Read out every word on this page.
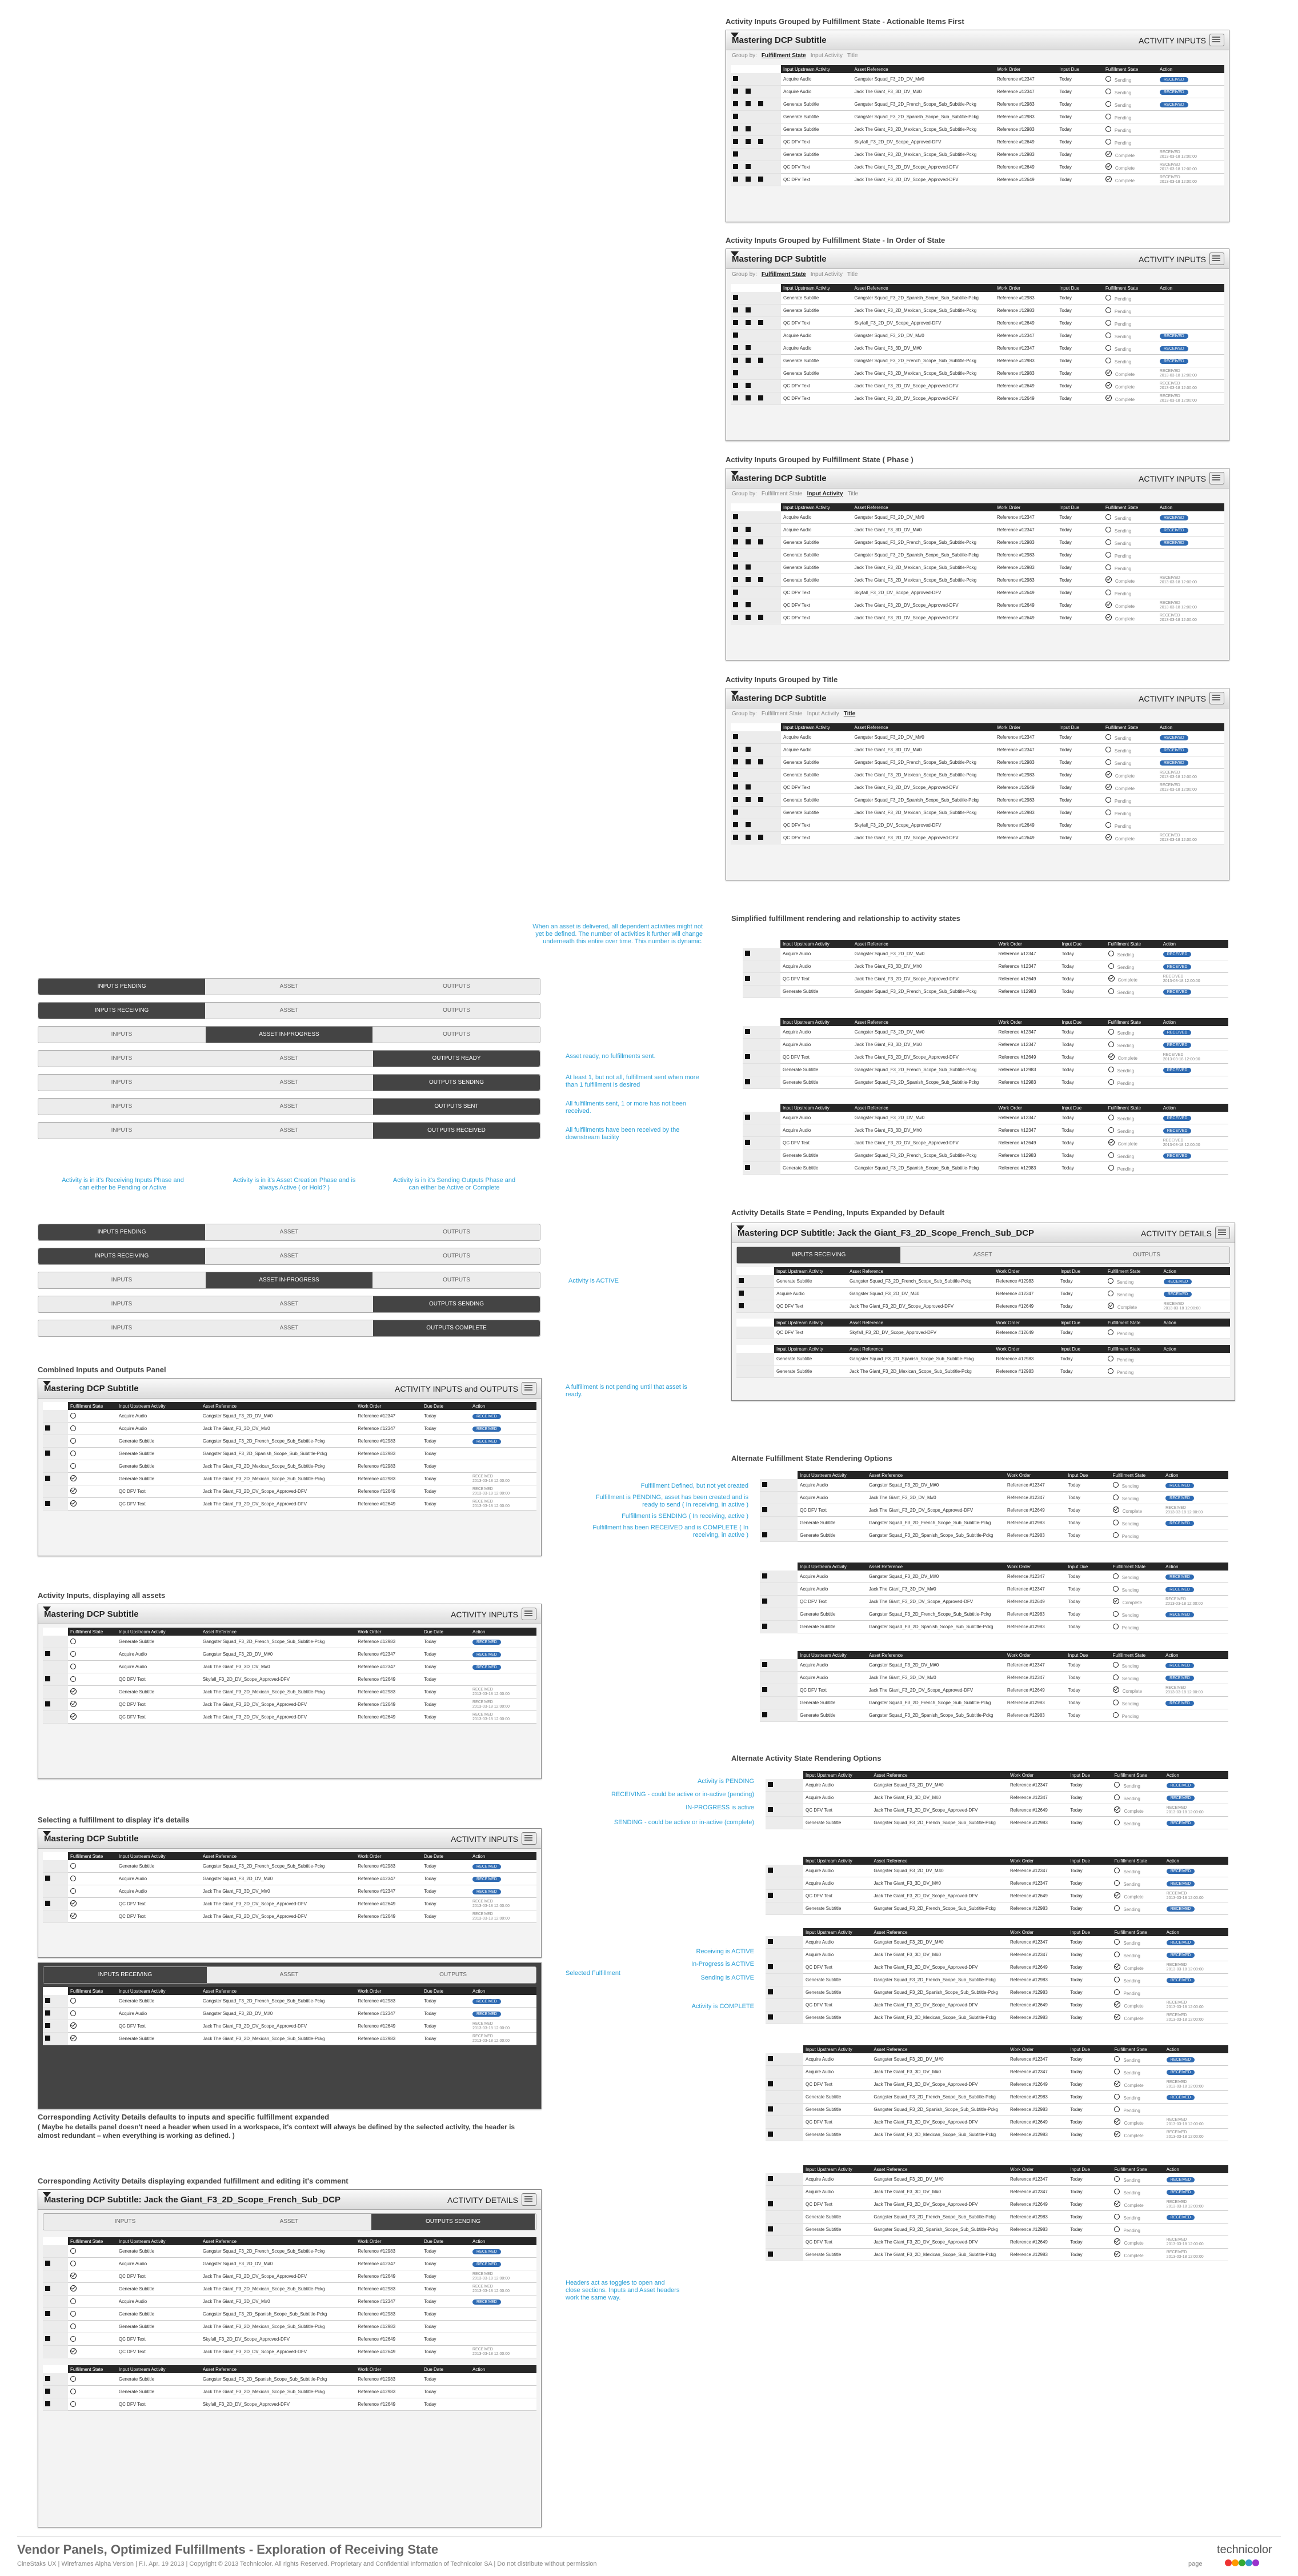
Activity Inputs Grouped by Fulfillment State - Actionable Items First
Mastering DCP Subtitle	ACTIVITY INPUTS
Group by: Fulfillment State Input Activity Title
				Input Upstream Activity	Asset Reference	Work Order	Input Due	Fulfillment State	Action
				Acquire Audio	Gangster Squad_F3_2D_DV_M#0	Reference #12347	Today	Sending	RECEIVED
				Acquire Audio	Jack The Giant_F3_3D_DV_M#0	Reference #12347	Today	Sending	RECEIVED
				Generate Subtitle	Gangster Squad_F3_2D_French_Scope_Sub_Subtitle-Pckg	Reference #12983	Today	Sending	RECEIVED
				Generate Subtitle	Gangster Squad_F3_2D_Spanish_Scope_Sub_Subtitle-Pckg	Reference #12983	Today	Pending	
				Generate Subtitle	Jack The Giant_F3_2D_Mexican_Scope_Sub_Subtitle-Pckg	Reference #12983	Today	Pending	
				QC DFV Text	Skyfall_F3_2D_DV_Scope_Approved-DFV	Reference #12649	Today	Pending	
				Generate Subtitle	Jack The Giant_F3_2D_Mexican_Scope_Sub_Subtitle-Pckg	Reference #12983	Today	Complete	RECEIVED
2013-03-18 12:00:00

				QC DFV Text	Jack The Giant_F3_2D_DV_Scope_Approved-DFV	Reference #12649	Today	Complete	RECEIVED
2013-03-18 12:00:00

				QC DFV Text	Jack The Giant_F3_2D_DV_Scope_Approved-DFV	Reference #12649	Today	Complete	RECEIVED
2013-03-18 12:00:00
Activity Inputs Grouped by Fulfillment State - In Order of State
Mastering DCP Subtitle	ACTIVITY INPUTS
Group by: Fulfillment State Input Activity Title
				Input Upstream Activity	Asset Reference	Work Order	Input Due	Fulfillment State	Action
				Generate Subtitle	Gangster Squad_F3_2D_Spanish_Scope_Sub_Subtitle-Pckg	Reference #12983	Today	Pending	
				Generate Subtitle	Jack The Giant_F3_2D_Mexican_Scope_Sub_Subtitle-Pckg	Reference #12983	Today	Pending	
				QC DFV Text	Skyfall_F3_2D_DV_Scope_Approved-DFV	Reference #12649	Today	Pending	
				Acquire Audio	Gangster Squad_F3_2D_DV_M#0	Reference #12347	Today	Sending	RECEIVED
				Acquire Audio	Jack The Giant_F3_3D_DV_M#0	Reference #12347	Today	Sending	RECEIVED
				Generate Subtitle	Gangster Squad_F3_2D_French_Scope_Sub_Subtitle-Pckg	Reference #12983	Today	Sending	RECEIVED
				Generate Subtitle	Jack The Giant_F3_2D_Mexican_Scope_Sub_Subtitle-Pckg	Reference #12983	Today	Complete	RECEIVED
2013-03-18 12:00:00

				QC DFV Text	Jack The Giant_F3_2D_DV_Scope_Approved-DFV	Reference #12649	Today	Complete	RECEIVED
2013-03-18 12:00:00

				QC DFV Text	Jack The Giant_F3_2D_DV_Scope_Approved-DFV	Reference #12649	Today	Complete	RECEIVED
2013-03-18 12:00:00
Activity Inputs Grouped by Fulfillment State ( Phase )
Mastering DCP Subtitle	ACTIVITY INPUTS
Group by: Fulfillment State Input Activity Title
				Input Upstream Activity	Asset Reference	Work Order	Input Due	Fulfillment State	Action
				Acquire Audio	Gangster Squad_F3_2D_DV_M#0	Reference #12347	Today	Sending	RECEIVED
				Acquire Audio	Jack The Giant_F3_3D_DV_M#0	Reference #12347	Today	Sending	RECEIVED
				Generate Subtitle	Gangster Squad_F3_2D_French_Scope_Sub_Subtitle-Pckg	Reference #12983	Today	Sending	RECEIVED
				Generate Subtitle	Gangster Squad_F3_2D_Spanish_Scope_Sub_Subtitle-Pckg	Reference #12983	Today	Pending	
				Generate Subtitle	Jack The Giant_F3_2D_Mexican_Scope_Sub_Subtitle-Pckg	Reference #12983	Today	Pending	
				Generate Subtitle	Jack The Giant_F3_2D_Mexican_Scope_Sub_Subtitle-Pckg	Reference #12983	Today	Complete	RECEIVED
2013-03-18 12:00:00

				QC DFV Text	Skyfall_F3_2D_DV_Scope_Approved-DFV	Reference #12649	Today	Pending	
				QC DFV Text	Jack The Giant_F3_2D_DV_Scope_Approved-DFV	Reference #12649	Today	Complete	RECEIVED
2013-03-18 12:00:00

				QC DFV Text	Jack The Giant_F3_2D_DV_Scope_Approved-DFV	Reference #12649	Today	Complete	RECEIVED
2013-03-18 12:00:00
Activity Inputs Grouped by Title
Mastering DCP Subtitle	ACTIVITY INPUTS
Group by: Fulfillment State Input Activity Title
				Input Upstream Activity	Asset Reference	Work Order	Input Due	Fulfillment State	Action
				Acquire Audio	Gangster Squad_F3_2D_DV_M#0	Reference #12347	Today	Sending	RECEIVED
				Acquire Audio	Jack The Giant_F3_3D_DV_M#0	Reference #12347	Today	Sending	RECEIVED
				Generate Subtitle	Gangster Squad_F3_2D_French_Scope_Sub_Subtitle-Pckg	Reference #12983	Today	Sending	RECEIVED
				Generate Subtitle	Jack The Giant_F3_2D_Mexican_Scope_Sub_Subtitle-Pckg	Reference #12983	Today	Complete	RECEIVED
2013-03-18 12:00:00

				QC DFV Text	Jack The Giant_F3_2D_DV_Scope_Approved-DFV	Reference #12649	Today	Complete	RECEIVED
2013-03-18 12:00:00

				Generate Subtitle	Gangster Squad_F3_2D_Spanish_Scope_Sub_Subtitle-Pckg	Reference #12983	Today	Pending	
				Generate Subtitle	Jack The Giant_F3_2D_Mexican_Scope_Sub_Subtitle-Pckg	Reference #12983	Today	Pending	
				QC DFV Text	Skyfall_F3_2D_DV_Scope_Approved-DFV	Reference #12649	Today	Pending	
				QC DFV Text	Jack The Giant_F3_2D_DV_Scope_Approved-DFV	Reference #12649	Today	Complete	RECEIVED
2013-03-18 12:00:00
Simplified fulfillment rendering and relationship to activity states
			Input Upstream Activity	Asset Reference	Work Order	Input Due	Fulfillment State	Action
			Acquire Audio	Gangster Squad_F3_2D_DV_M#0	Reference #12347	Today	Sending	RECEIVED
			Acquire Audio	Jack The Giant_F3_3D_DV_M#0	Reference #12347	Today	Sending	RECEIVED
			QC DFV Text	Jack The Giant_F3_2D_DV_Scope_Approved-DFV	Reference #12649	Today	Complete	RECEIVED
2013-03-18 12:00:00

			Generate Subtitle	Gangster Squad_F3_2D_French_Scope_Sub_Subtitle-Pckg	Reference #12983	Today	Sending	RECEIVED
			Input Upstream Activity	Asset Reference	Work Order	Input Due	Fulfillment State	Action
			Acquire Audio	Gangster Squad_F3_2D_DV_M#0	Reference #12347	Today	Sending	RECEIVED
			Acquire Audio	Jack The Giant_F3_3D_DV_M#0	Reference #12347	Today	Sending	RECEIVED
			QC DFV Text	Jack The Giant_F3_2D_DV_Scope_Approved-DFV	Reference #12649	Today	Complete	RECEIVED
2013-03-18 12:00:00

			Generate Subtitle	Gangster Squad_F3_2D_French_Scope_Sub_Subtitle-Pckg	Reference #12983	Today	Sending	RECEIVED
			Generate Subtitle	Gangster Squad_F3_2D_Spanish_Scope_Sub_Subtitle-Pckg	Reference #12983	Today	Pending	
			Input Upstream Activity	Asset Reference	Work Order	Input Due	Fulfillment State	Action
			Acquire Audio	Gangster Squad_F3_2D_DV_M#0	Reference #12347	Today	Sending	RECEIVED
			Acquire Audio	Jack The Giant_F3_3D_DV_M#0	Reference #12347	Today	Sending	RECEIVED
			QC DFV Text	Jack The Giant_F3_2D_DV_Scope_Approved-DFV	Reference #12649	Today	Complete	RECEIVED
2013-03-18 12:00:00

			Generate Subtitle	Gangster Squad_F3_2D_French_Scope_Sub_Subtitle-Pckg	Reference #12983	Today	Sending	RECEIVED
			Generate Subtitle	Gangster Squad_F3_2D_Spanish_Scope_Sub_Subtitle-Pckg	Reference #12983	Today	Pending	
When an asset is delivered, all dependent activities might not yet be defined. The number of activities it further will change underneath this entire over time. This number is dynamic.
Asset ready, no fulfillments sent.
At least 1, but not all, fulfillment sent when more than 1 fulfillment is desired
All fulfillments sent, 1 or more has not been received.
All fulfillments have been received by the downstream facility
INPUTS PENDING	ASSET	OUTPUTS
INPUTS RECEIVING	ASSET	OUTPUTS
INPUTS	ASSET IN-PROGRESS	OUTPUTS
INPUTS	ASSET	OUTPUTS READY
INPUTS	ASSET	OUTPUTS SENDING
INPUTS	ASSET	OUTPUTS SENT
INPUTS	ASSET	OUTPUTS RECEIVED
INPUTS PENDING	ASSET	OUTPUTS
INPUTS RECEIVING	ASSET	OUTPUTS
INPUTS	ASSET IN-PROGRESS	OUTPUTS
INPUTS	ASSET	OUTPUTS SENDING
INPUTS	ASSET	OUTPUTS COMPLETE
Activity is in it's Receiving Inputs Phase and can either be Pending or Active
Activity is in it's Asset Creation Phase and is always Active ( or Hold? )
Activity is in it's Sending Outputs Phase and can either be Active or Complete
Activity is ACTIVE
A fulfillment is not pending until that asset is ready.
Activity Details State = Pending, Inputs Expanded by Default
Mastering DCP Subtitle: Jack the Giant_F3_2D_Scope_French_Sub_DCP	ACTIVITY DETAILS
INPUTS RECEIVING	ASSET	OUTPUTS
			Input Upstream Activity	Asset Reference	Work Order	Input Due	Fulfillment State	Action
			Generate Subtitle	Gangster Squad_F3_2D_French_Scope_Sub_Subtitle-Pckg	Reference #12983	Today	Sending	RECEIVED
			Acquire Audio	Gangster Squad_F3_2D_DV_M#0	Reference #12347	Today	Sending	RECEIVED
			QC DFV Text	Jack The Giant_F3_2D_DV_Scope_Approved-DFV	Reference #12649	Today	Complete	RECEIVED
2013-03-18 12:00:00
			Input Upstream Activity	Asset Reference	Work Order	Input Due	Fulfillment State	Action
			QC DFV Text	Skyfall_F3_2D_DV_Scope_Approved-DFV	Reference #12649	Today	Pending	
			Input Upstream Activity	Asset Reference	Work Order	Input Due	Fulfillment State	Action
			Generate Subtitle	Gangster Squad_F3_2D_Spanish_Scope_Sub_Subtitle-Pckg	Reference #12983	Today	Pending	
			Generate Subtitle	Jack The Giant_F3_2D_Mexican_Scope_Sub_Subtitle-Pckg	Reference #12983	Today	Pending	
Alternate Fulfillment State Rendering Options
			Input Upstream Activity	Asset Reference	Work Order	Input Due	Fulfillment State	Action
			Acquire Audio	Gangster Squad_F3_2D_DV_M#0	Reference #12347	Today	Sending	RECEIVED
			Acquire Audio	Jack The Giant_F3_3D_DV_M#0	Reference #12347	Today	Sending	RECEIVED
			QC DFV Text	Jack The Giant_F3_2D_DV_Scope_Approved-DFV	Reference #12649	Today	Complete	RECEIVED
2013-03-18 12:00:00

			Generate Subtitle	Gangster Squad_F3_2D_French_Scope_Sub_Subtitle-Pckg	Reference #12983	Today	Sending	RECEIVED
			Generate Subtitle	Gangster Squad_F3_2D_Spanish_Scope_Sub_Subtitle-Pckg	Reference #12983	Today	Pending	
			Input Upstream Activity	Asset Reference	Work Order	Input Due	Fulfillment State	Action
			Acquire Audio	Gangster Squad_F3_2D_DV_M#0	Reference #12347	Today	Sending	RECEIVED
			Acquire Audio	Jack The Giant_F3_3D_DV_M#0	Reference #12347	Today	Sending	RECEIVED
			QC DFV Text	Jack The Giant_F3_2D_DV_Scope_Approved-DFV	Reference #12649	Today	Complete	RECEIVED
2013-03-18 12:00:00

			Generate Subtitle	Gangster Squad_F3_2D_French_Scope_Sub_Subtitle-Pckg	Reference #12983	Today	Sending	RECEIVED
			Generate Subtitle	Gangster Squad_F3_2D_Spanish_Scope_Sub_Subtitle-Pckg	Reference #12983	Today	Pending	
			Input Upstream Activity	Asset Reference	Work Order	Input Due	Fulfillment State	Action
			Acquire Audio	Gangster Squad_F3_2D_DV_M#0	Reference #12347	Today	Sending	RECEIVED
			Acquire Audio	Jack The Giant_F3_3D_DV_M#0	Reference #12347	Today	Sending	RECEIVED
			QC DFV Text	Jack The Giant_F3_2D_DV_Scope_Approved-DFV	Reference #12649	Today	Complete	RECEIVED
2013-03-18 12:00:00

			Generate Subtitle	Gangster Squad_F3_2D_French_Scope_Sub_Subtitle-Pckg	Reference #12983	Today	Sending	RECEIVED
			Generate Subtitle	Gangster Squad_F3_2D_Spanish_Scope_Sub_Subtitle-Pckg	Reference #12983	Today	Pending	
Fulfillment Defined, but not yet created
Fulfillment is PENDING, asset has been created and is ready to send ( In receiving, in active )
Fulfillment is SENDING ( In receiving, active )
Fulfillment has been RECEIVED and is COMPLETE ( In receiving, in active )
Alternate Activity State Rendering Options
			Input Upstream Activity	Asset Reference	Work Order	Input Due	Fulfillment State	Action
			Acquire Audio	Gangster Squad_F3_2D_DV_M#0	Reference #12347	Today	Sending	RECEIVED
			Acquire Audio	Jack The Giant_F3_3D_DV_M#0	Reference #12347	Today	Sending	RECEIVED
			QC DFV Text	Jack The Giant_F3_2D_DV_Scope_Approved-DFV	Reference #12649	Today	Complete	RECEIVED
2013-03-18 12:00:00

			Generate Subtitle	Gangster Squad_F3_2D_French_Scope_Sub_Subtitle-Pckg	Reference #12983	Today	Sending	RECEIVED
			Input Upstream Activity	Asset Reference	Work Order	Input Due	Fulfillment State	Action
			Acquire Audio	Gangster Squad_F3_2D_DV_M#0	Reference #12347	Today	Sending	RECEIVED
			Acquire Audio	Jack The Giant_F3_3D_DV_M#0	Reference #12347	Today	Sending	RECEIVED
			QC DFV Text	Jack The Giant_F3_2D_DV_Scope_Approved-DFV	Reference #12649	Today	Complete	RECEIVED
2013-03-18 12:00:00

			Generate Subtitle	Gangster Squad_F3_2D_French_Scope_Sub_Subtitle-Pckg	Reference #12983	Today	Sending	RECEIVED
			Input Upstream Activity	Asset Reference	Work Order	Input Due	Fulfillment State	Action
			Acquire Audio	Gangster Squad_F3_2D_DV_M#0	Reference #12347	Today	Sending	RECEIVED
			Acquire Audio	Jack The Giant_F3_3D_DV_M#0	Reference #12347	Today	Sending	RECEIVED
			QC DFV Text	Jack The Giant_F3_2D_DV_Scope_Approved-DFV	Reference #12649	Today	Complete	RECEIVED
2013-03-18 12:00:00

			Generate Subtitle	Gangster Squad_F3_2D_French_Scope_Sub_Subtitle-Pckg	Reference #12983	Today	Sending	RECEIVED
			Generate Subtitle	Gangster Squad_F3_2D_Spanish_Scope_Sub_Subtitle-Pckg	Reference #12983	Today	Pending	
			QC DFV Text	Jack The Giant_F3_2D_DV_Scope_Approved-DFV	Reference #12649	Today	Complete	RECEIVED
2013-03-18 12:00:00

			Generate Subtitle	Jack The Giant_F3_2D_Mexican_Scope_Sub_Subtitle-Pckg	Reference #12983	Today	Complete	RECEIVED
2013-03-18 12:00:00
			Input Upstream Activity	Asset Reference	Work Order	Input Due	Fulfillment State	Action
			Acquire Audio	Gangster Squad_F3_2D_DV_M#0	Reference #12347	Today	Sending	RECEIVED
			Acquire Audio	Jack The Giant_F3_3D_DV_M#0	Reference #12347	Today	Sending	RECEIVED
			QC DFV Text	Jack The Giant_F3_2D_DV_Scope_Approved-DFV	Reference #12649	Today	Complete	RECEIVED
2013-03-18 12:00:00

			Generate Subtitle	Gangster Squad_F3_2D_French_Scope_Sub_Subtitle-Pckg	Reference #12983	Today	Sending	RECEIVED
			Generate Subtitle	Gangster Squad_F3_2D_Spanish_Scope_Sub_Subtitle-Pckg	Reference #12983	Today	Pending	
			QC DFV Text	Jack The Giant_F3_2D_DV_Scope_Approved-DFV	Reference #12649	Today	Complete	RECEIVED
2013-03-18 12:00:00

			Generate Subtitle	Jack The Giant_F3_2D_Mexican_Scope_Sub_Subtitle-Pckg	Reference #12983	Today	Complete	RECEIVED
2013-03-18 12:00:00
			Input Upstream Activity	Asset Reference	Work Order	Input Due	Fulfillment State	Action
			Acquire Audio	Gangster Squad_F3_2D_DV_M#0	Reference #12347	Today	Sending	RECEIVED
			Acquire Audio	Jack The Giant_F3_3D_DV_M#0	Reference #12347	Today	Sending	RECEIVED
			QC DFV Text	Jack The Giant_F3_2D_DV_Scope_Approved-DFV	Reference #12649	Today	Complete	RECEIVED
2013-03-18 12:00:00

			Generate Subtitle	Gangster Squad_F3_2D_French_Scope_Sub_Subtitle-Pckg	Reference #12983	Today	Sending	RECEIVED
			Generate Subtitle	Gangster Squad_F3_2D_Spanish_Scope_Sub_Subtitle-Pckg	Reference #12983	Today	Pending	
			QC DFV Text	Jack The Giant_F3_2D_DV_Scope_Approved-DFV	Reference #12649	Today	Complete	RECEIVED
2013-03-18 12:00:00

			Generate Subtitle	Jack The Giant_F3_2D_Mexican_Scope_Sub_Subtitle-Pckg	Reference #12983	Today	Complete	RECEIVED
2013-03-18 12:00:00
Activity is PENDING
RECEIVING - could be active or in-active (pending)
IN-PROGRESS is active
SENDING - could be active or in-active (complete)
Receiving is ACTIVE
In-Progress is ACTIVE
Sending is ACTIVE
Activity is COMPLETE
Combined Inputs and Outputs Panel
Mastering DCP Subtitle	ACTIVITY INPUTS and OUTPUTS
		Fulfillment State	Input Upstream Activity	Asset Reference	Work Order	Due Date	Action
			Acquire Audio	Gangster Squad_F3_2D_DV_M#0	Reference #12347	Today	RECEIVED
			Acquire Audio	Jack The Giant_F3_3D_DV_M#0	Reference #12347	Today	RECEIVED
			Generate Subtitle	Gangster Squad_F3_2D_French_Scope_Sub_Subtitle-Pckg	Reference #12983	Today	RECEIVED
			Generate Subtitle	Gangster Squad_F3_2D_Spanish_Scope_Sub_Subtitle-Pckg	Reference #12983	Today	
			Generate Subtitle	Jack The Giant_F3_2D_Mexican_Scope_Sub_Subtitle-Pckg	Reference #12983	Today	
			Generate Subtitle	Jack The Giant_F3_2D_Mexican_Scope_Sub_Subtitle-Pckg	Reference #12983	Today	RECEIVED
2013-03-18 12:00:00

			QC DFV Text	Jack The Giant_F3_2D_DV_Scope_Approved-DFV	Reference #12649	Today	RECEIVED
2013-03-18 12:00:00

			QC DFV Text	Jack The Giant_F3_2D_DV_Scope_Approved-DFV	Reference #12649	Today	RECEIVED
2013-03-18 12:00:00
Activity Inputs, displaying all assets
Mastering DCP Subtitle	ACTIVITY INPUTS
		Fulfillment State	Input Upstream Activity	Asset Reference	Work Order	Due Date	Action
			Generate Subtitle	Gangster Squad_F3_2D_French_Scope_Sub_Subtitle-Pckg	Reference #12983	Today	RECEIVED
			Acquire Audio	Gangster Squad_F3_2D_DV_M#0	Reference #12347	Today	RECEIVED
			Acquire Audio	Jack The Giant_F3_3D_DV_M#0	Reference #12347	Today	RECEIVED
			QC DFV Text	Skyfall_F3_2D_DV_Scope_Approved-DFV	Reference #12649	Today	
			Generate Subtitle	Jack The Giant_F3_2D_Mexican_Scope_Sub_Subtitle-Pckg	Reference #12983	Today	RECEIVED
2013-03-18 12:00:00

			QC DFV Text	Jack The Giant_F3_2D_DV_Scope_Approved-DFV	Reference #12649	Today	RECEIVED
2013-03-18 12:00:00

			QC DFV Text	Jack The Giant_F3_2D_DV_Scope_Approved-DFV	Reference #12649	Today	RECEIVED
2013-03-18 12:00:00
Selecting a fulfillment to display it's details
Mastering DCP Subtitle	ACTIVITY INPUTS
		Fulfillment State	Input Upstream Activity	Asset Reference	Work Order	Due Date	Action
			Generate Subtitle	Gangster Squad_F3_2D_French_Scope_Sub_Subtitle-Pckg	Reference #12983	Today	RECEIVED
			Acquire Audio	Gangster Squad_F3_2D_DV_M#0	Reference #12347	Today	RECEIVED
			Acquire Audio	Jack The Giant_F3_3D_DV_M#0	Reference #12347	Today	RECEIVED
			QC DFV Text	Jack The Giant_F3_2D_DV_Scope_Approved-DFV	Reference #12649	Today	RECEIVED
2013-03-18 12:00:00

			QC DFV Text	Jack The Giant_F3_2D_DV_Scope_Approved-DFV	Reference #12649	Today	RECEIVED
2013-03-18 12:00:00
INPUTS RECEIVING	ASSET	OUTPUTS
		Fulfillment State	Input Upstream Activity	Asset Reference	Work Order	Due Date	Action
			Generate Subtitle	Gangster Squad_F3_2D_French_Scope_Sub_Subtitle-Pckg	Reference #12983	Today	RECEIVED
			Acquire Audio	Gangster Squad_F3_2D_DV_M#0	Reference #12347	Today	RECEIVED
			QC DFV Text	Jack The Giant_F3_2D_DV_Scope_Approved-DFV	Reference #12649	Today	RECEIVED
2013-03-18 12:00:00

			Generate Subtitle	Jack The Giant_F3_2D_Mexican_Scope_Sub_Subtitle-Pckg	Reference #12983	Today	RECEIVED
2013-03-18 12:00:00
Selected Fulfillment
Corresponding Activity Details defaults to inputs and specific fulfillment expanded
( Maybe he details panel doesn't need a header when used in a workspace, it's context will always be defined by the selected activity, the header is almost redundant – when everything is working as defined. )
Corresponding Activity Details displaying expanded fulfillment and editing it's comment
Mastering DCP Subtitle: Jack the Giant_F3_2D_Scope_French_Sub_DCP	ACTIVITY DETAILS
INPUTS	ASSET	OUTPUTS SENDING
		Fulfillment State	Input Upstream Activity	Asset Reference	Work Order	Due Date	Action
			Generate Subtitle	Gangster Squad_F3_2D_French_Scope_Sub_Subtitle-Pckg	Reference #12983	Today	RECEIVED
			Acquire Audio	Gangster Squad_F3_2D_DV_M#0	Reference #12347	Today	RECEIVED
			QC DFV Text	Jack The Giant_F3_2D_DV_Scope_Approved-DFV	Reference #12649	Today	RECEIVED
2013-03-18 12:00:00

			Generate Subtitle	Jack The Giant_F3_2D_Mexican_Scope_Sub_Subtitle-Pckg	Reference #12983	Today	RECEIVED
2013-03-18 12:00:00

			Acquire Audio	Jack The Giant_F3_3D_DV_M#0	Reference #12347	Today	RECEIVED
			Generate Subtitle	Gangster Squad_F3_2D_Spanish_Scope_Sub_Subtitle-Pckg	Reference #12983	Today	
			Generate Subtitle	Jack The Giant_F3_2D_Mexican_Scope_Sub_Subtitle-Pckg	Reference #12983	Today	
			QC DFV Text	Skyfall_F3_2D_DV_Scope_Approved-DFV	Reference #12649	Today	
			QC DFV Text	Jack The Giant_F3_2D_DV_Scope_Approved-DFV	Reference #12649	Today	RECEIVED
2013-03-18 12:00:00
		Fulfillment State	Input Upstream Activity	Asset Reference	Work Order	Due Date	Action
			Generate Subtitle	Gangster Squad_F3_2D_Spanish_Scope_Sub_Subtitle-Pckg	Reference #12983	Today	
			Generate Subtitle	Jack The Giant_F3_2D_Mexican_Scope_Sub_Subtitle-Pckg	Reference #12983	Today	
			QC DFV Text	Skyfall_F3_2D_DV_Scope_Approved-DFV	Reference #12649	Today	
Headers act as toggles to open and close sections. Inputs and Asset headers work the same way.
Vendor Panels, Optimized Fulfillments - Exploration of Receiving State
CineStaks UX | Wireframes Alpha Version | F.I. Apr. 19 2013 | Copyright © 2013 Technicolor. All rights Reserved. Proprietary and Confidential Information of Technicolor SA | Do not distribute without permission	page
technicolor
